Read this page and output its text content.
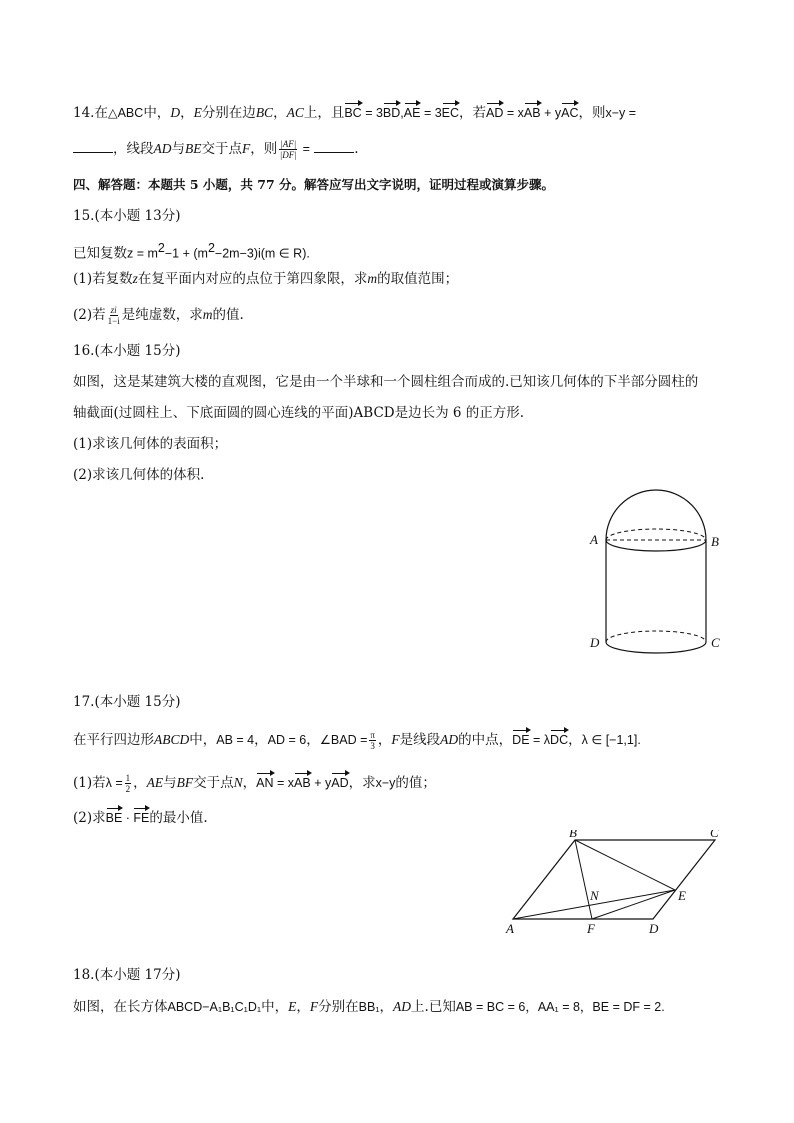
14.在△ABC中，D，E分别在边BC，AC上，且BC = 3BD,AE = 3EC，若AD = xAB + yAC，则x−y =
，线段AD与BE交于点F，则 $\frac{|AF|}{|DF|}$ =	.
四、解答题：本题共 5 小题，共 77 分。解答应写出文字说明，证明过程或演算步骤。
15.(本小题 13分)
已知复数$z = m^2-1 + (m^2-2m-3)i(m$ ∈ R).
(1)若复数z在复平面内对应的点位于第四象限，求m的取值范围；
(2)若 $\frac{zi}{1-i}$ 是纯虚数，求m的值.
16.(本小题 15分)
如图，这是某建筑大楼的直观图，它是由一个半球和一个圆柱组合而成的.已知该几何体的下半部分圆柱的
轴截面(过圆柱上、下底面圆的圆心连线的平面)ABCD是边长为 6 的正方形.
(1)求该几何体的表面积；
(2)求该几何体的体积.
A	B
D	C
17.(本小题 15分)
在平行四边形ABCD中，AB = 4，AD = 6，∠BAD = $\frac{\pi}{3}$ ，F是线段AD的中点，DE = λDC，λ ∈ [−1,1].
(1)若$\lambda = \frac{1}{2}$ ，AE与BF交于点N，AN = xAB + yAD，求x−y的值；
(2)求BE · FE的最小值.
B	C
A	F	D
E
N
18.(本小题 17分)
如图，在长方体ABCD−A₁B₁C₁D₁中，E，F分别在BB₁，AD上.已知AB = BC = 6，AA₁ = 8，BE = DF = 2.
